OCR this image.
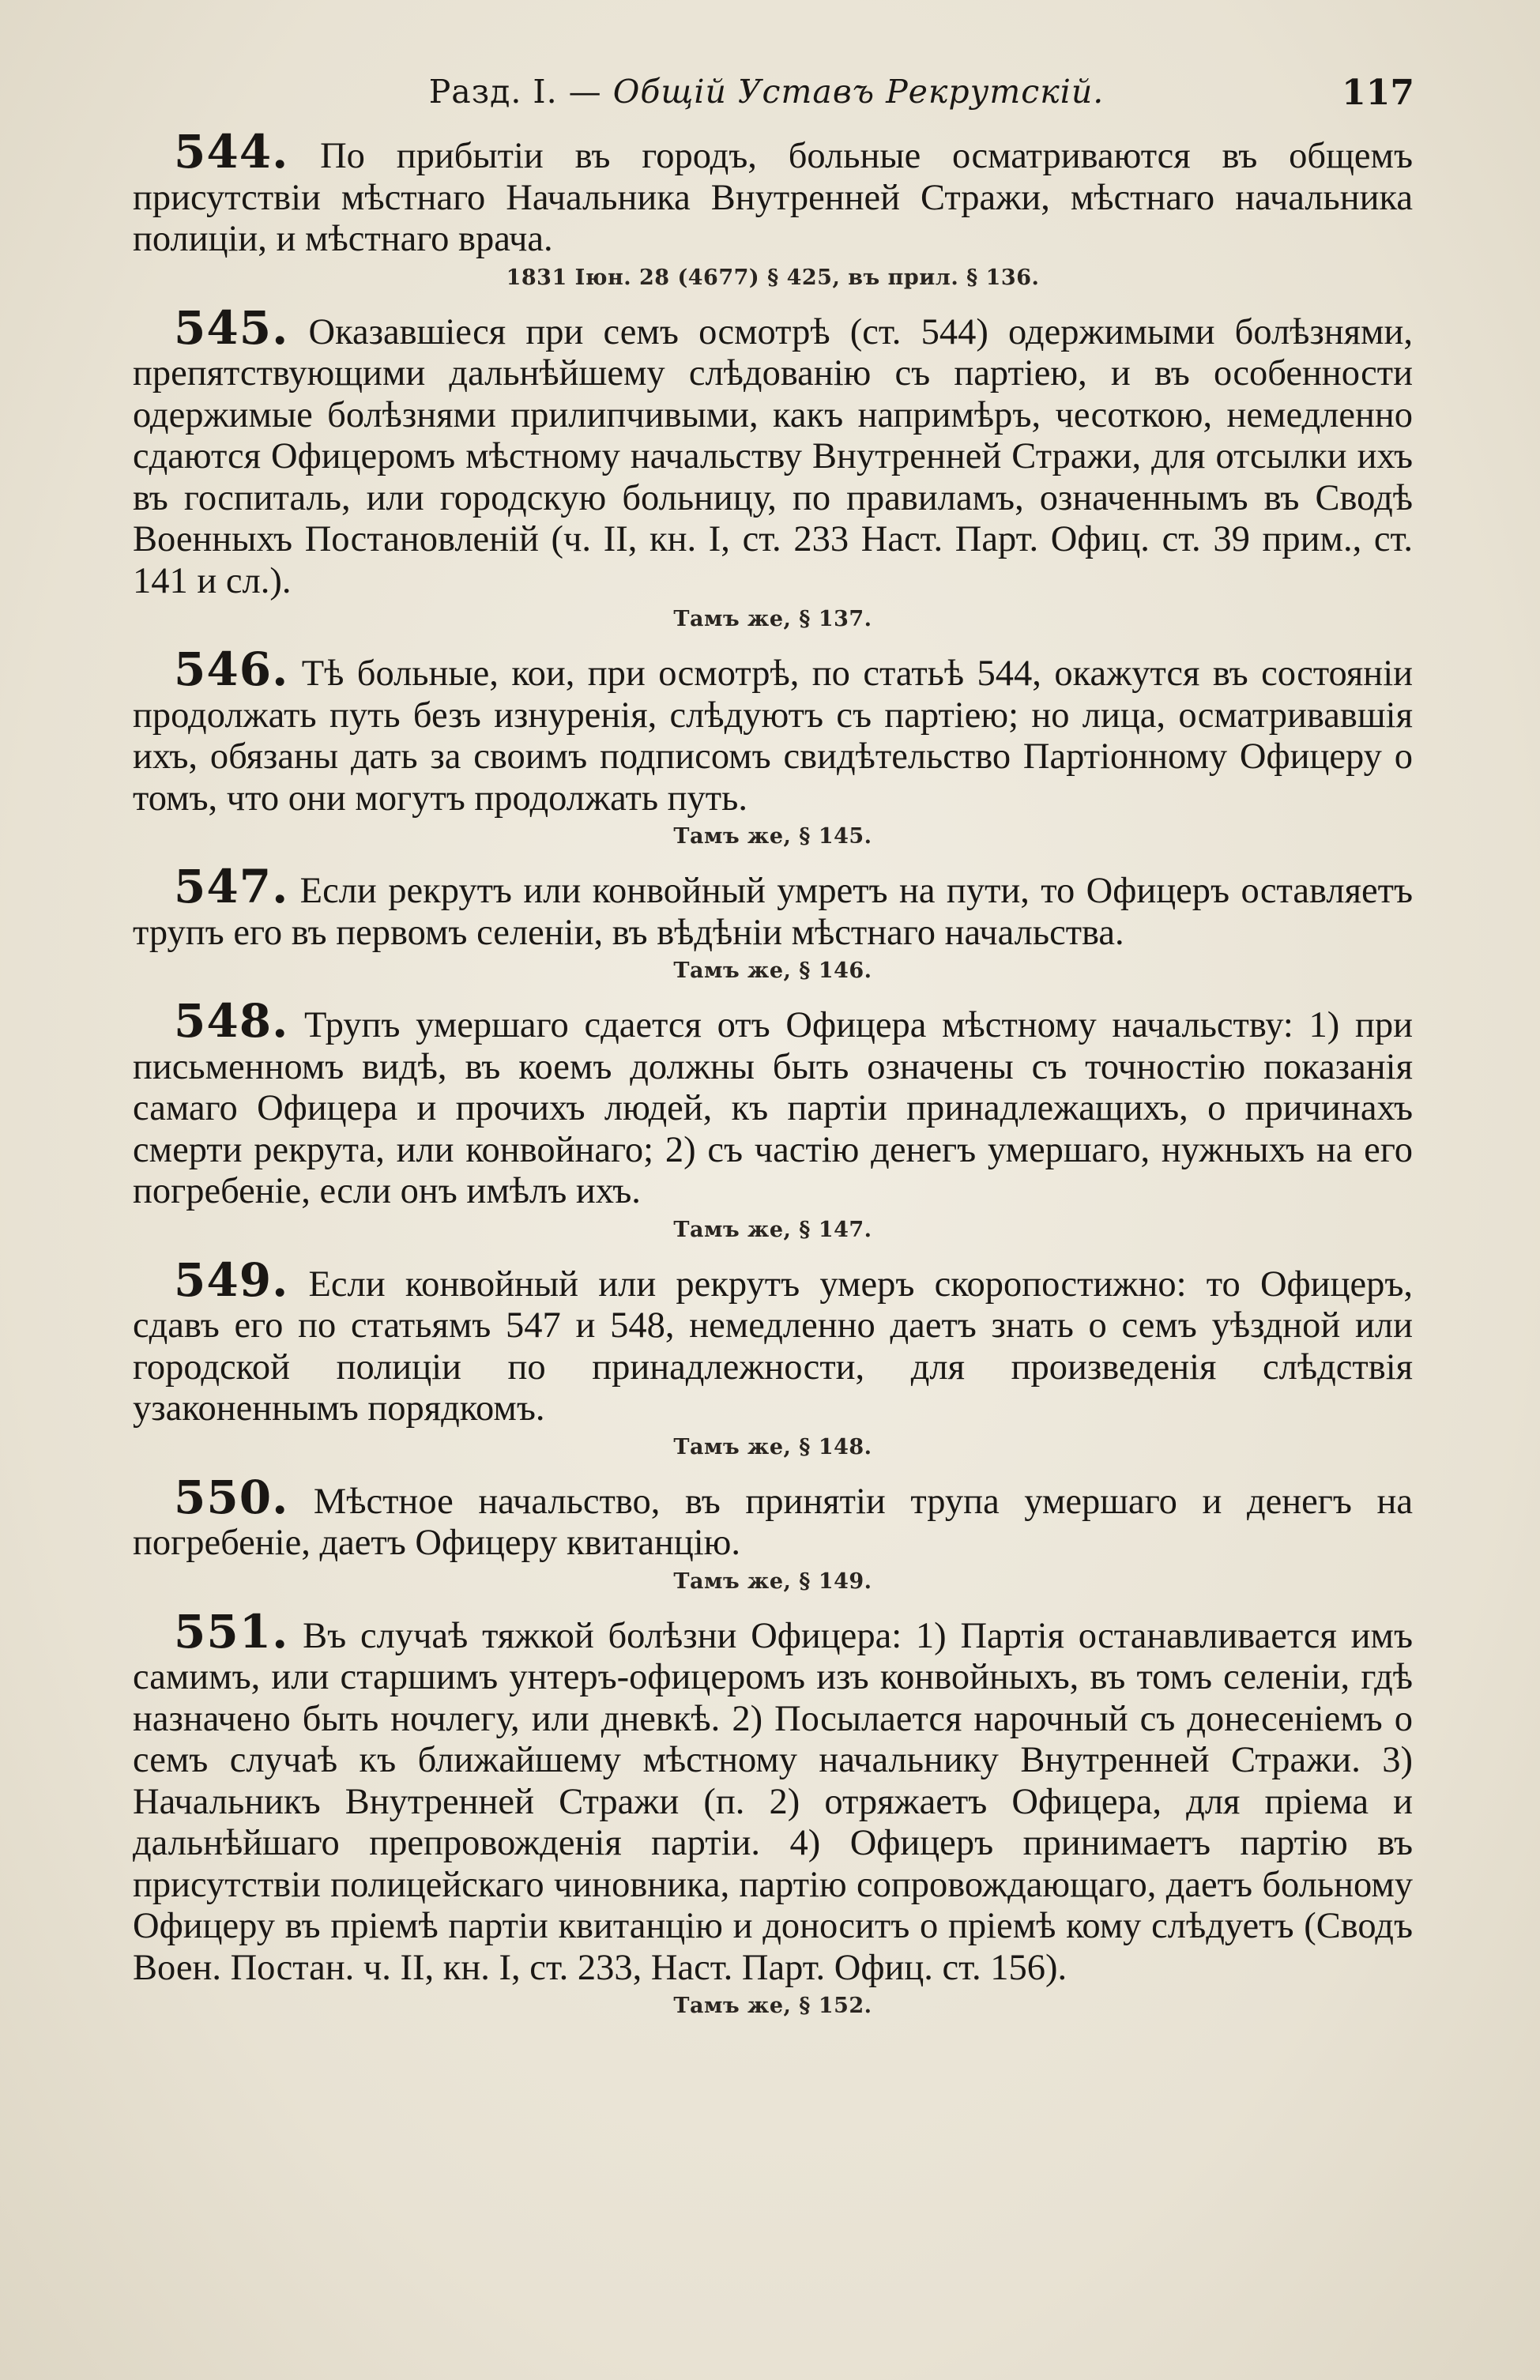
Разд. I. — Общій Уставъ Рекрутскій.	117

544. По прибытіи въ городъ, больные осматриваются въ общемъ присутствіи мѣстнаго Начальника Внутренней Стражи, мѣстнаго начальника полиціи, и мѣстнаго врача.

1831 Іюн. 28 (4677) § 425, въ прил. § 136.

545. Оказавшіеся при семъ осмотрѣ (ст. 544) одержимыми болѣзнями, препятствующими дальнѣйшему слѣдованію съ партіею, и въ особенности одержимые болѣзнями прилипчивыми, какъ напримѣръ, чесоткою, немедленно сдаются Офицеромъ мѣстному начальству Внутренней Стражи, для отсылки ихъ въ госпиталь, или городскую больницу, по правиламъ, означеннымъ въ Сводѣ Военныхъ Постановленій (ч. II, кн. I, ст. 233 Наст. Парт. Офиц. ст. 39 прим., ст. 141 и сл.).

Тамъ же, § 137.

546. Тѣ больные, кои, при осмотрѣ, по статьѣ 544, окажутся въ состояніи продолжать путь безъ изнуренія, слѣдуютъ съ партіею; но лица, осматривавшія ихъ, обязаны дать за своимъ подписомъ свидѣтельство Партіонному Офицеру о томъ, что они могутъ продолжать путь.

Тамъ же, § 145.

547. Если рекрутъ или конвойный умретъ на пути, то Офицеръ оставляетъ трупъ его въ первомъ селеніи, въ вѣдѣніи мѣстнаго начальства.

Тамъ же, § 146.

548. Трупъ умершаго сдается отъ Офицера мѣстному начальству: 1) при письменномъ видѣ, въ коемъ должны быть означены съ точностію показанія самаго Офицера и прочихъ людей, къ партіи принадлежащихъ, о причинахъ смерти рекрута, или конвойнаго; 2) съ частію денегъ умершаго, нужныхъ на его погребеніе, если онъ имѣлъ ихъ.

Тамъ же, § 147.

549. Если конвойный или рекрутъ умеръ скоропостижно: то Офицеръ, сдавъ его по статьямъ 547 и 548, немедленно даетъ знать о семъ уѣздной или городской полиціи по принадлежности, для произведенія слѣдствія узаконеннымъ порядкомъ.

Тамъ же, § 148.

550. Мѣстное начальство, въ принятіи трупа умершаго и денегъ на погребеніе, даетъ Офицеру квитанцію.

Тамъ же, § 149.

551. Въ случаѣ тяжкой болѣзни Офицера: 1) Партія останавливается имъ самимъ, или старшимъ унтеръ-офицеромъ изъ конвойныхъ, въ томъ селеніи, гдѣ назначено быть ночлегу, или дневкѣ. 2) Посылается нарочный съ донесеніемъ о семъ случаѣ къ ближайшему мѣстному начальнику Внутренней Стражи. 3) Начальникъ Внутренней Стражи (п. 2) отряжаетъ Офицера, для пріема и дальнѣйшаго препровожденія партіи. 4) Офицеръ принимаетъ партію въ присутствіи полицейскаго чиновника, партію сопровождающаго, даетъ больному Офицеру въ пріемѣ партіи квитанцію и доноситъ о пріемѣ кому слѣдуетъ (Сводъ Воен. Постан. ч. II, кн. I, ст. 233, Наст. Парт. Офиц. ст. 156).

Тамъ же, § 152.
